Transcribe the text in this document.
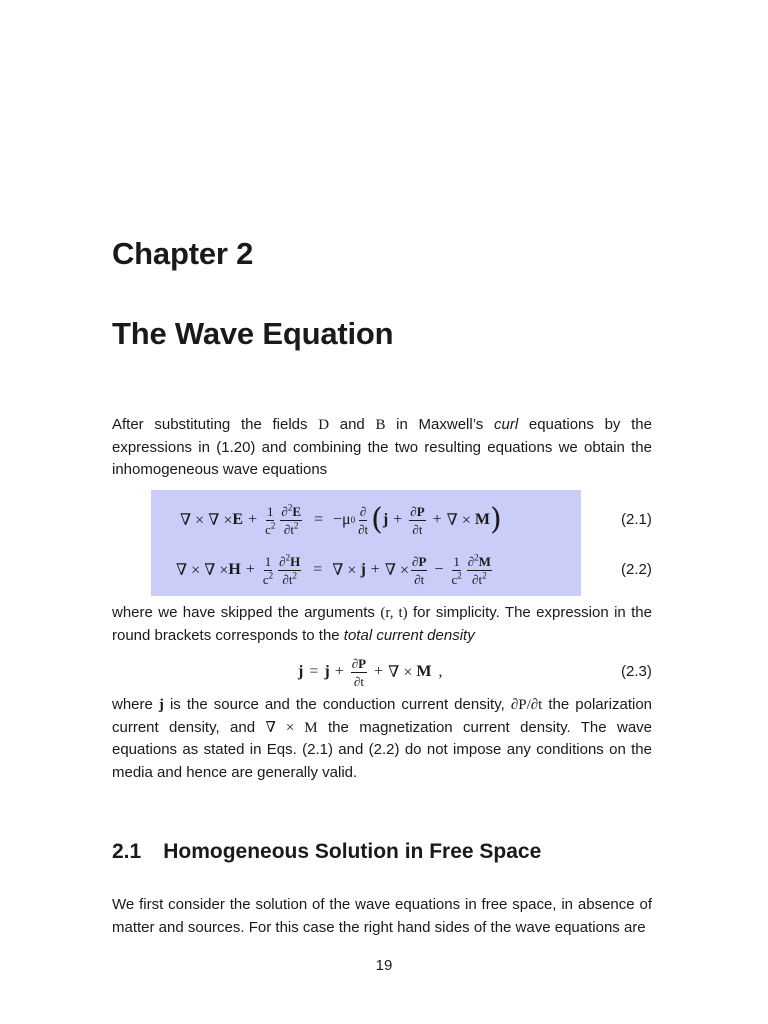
Chapter 2
The Wave Equation

After substituting the fields D and B in Maxwell’s curl equations by the expressions in (1.20) and combining the two resulting equations we obtain the inhomogeneous wave equations

∇ × ∇ × $E + \frac{1}{c^2} \frac{\partial^2E}{\partial t^2} = -\mu$ $0 \frac{\partial}{\partial t}$ ( $j + \frac{\partial P}{\partial t}$ + ∇ ×
M )	(2.1)
∇ × ∇ × $H + \frac{1}{c^2} \frac{\partial^2H}{\partial t^2}$ = ∇ ×
j + ∇ × $\frac{\partial P}{\partial t} - \frac{1}{c^2} \frac{\partial^2M}{\partial t^2}$	(2.2)

where we have skipped the arguments (r, t) for simplicity. The expression in the round brackets corresponds to the total current density

$j = j + \frac{\partial P}{\partial t}$ + ∇ ×
M ,	(2.3)

where j is the source and the conduction current density, ∂P/∂t the polarization current density, and ∇ × M the magnetization current density. The wave equations as stated in Eqs. (2.1) and (2.2) do not impose any conditions on the media and hence are generally valid.

2.1 Homogeneous Solution in Free Space

We first consider the solution of the wave equations in free space, in absence of matter and sources. For this case the right hand sides of the wave equations are

19
